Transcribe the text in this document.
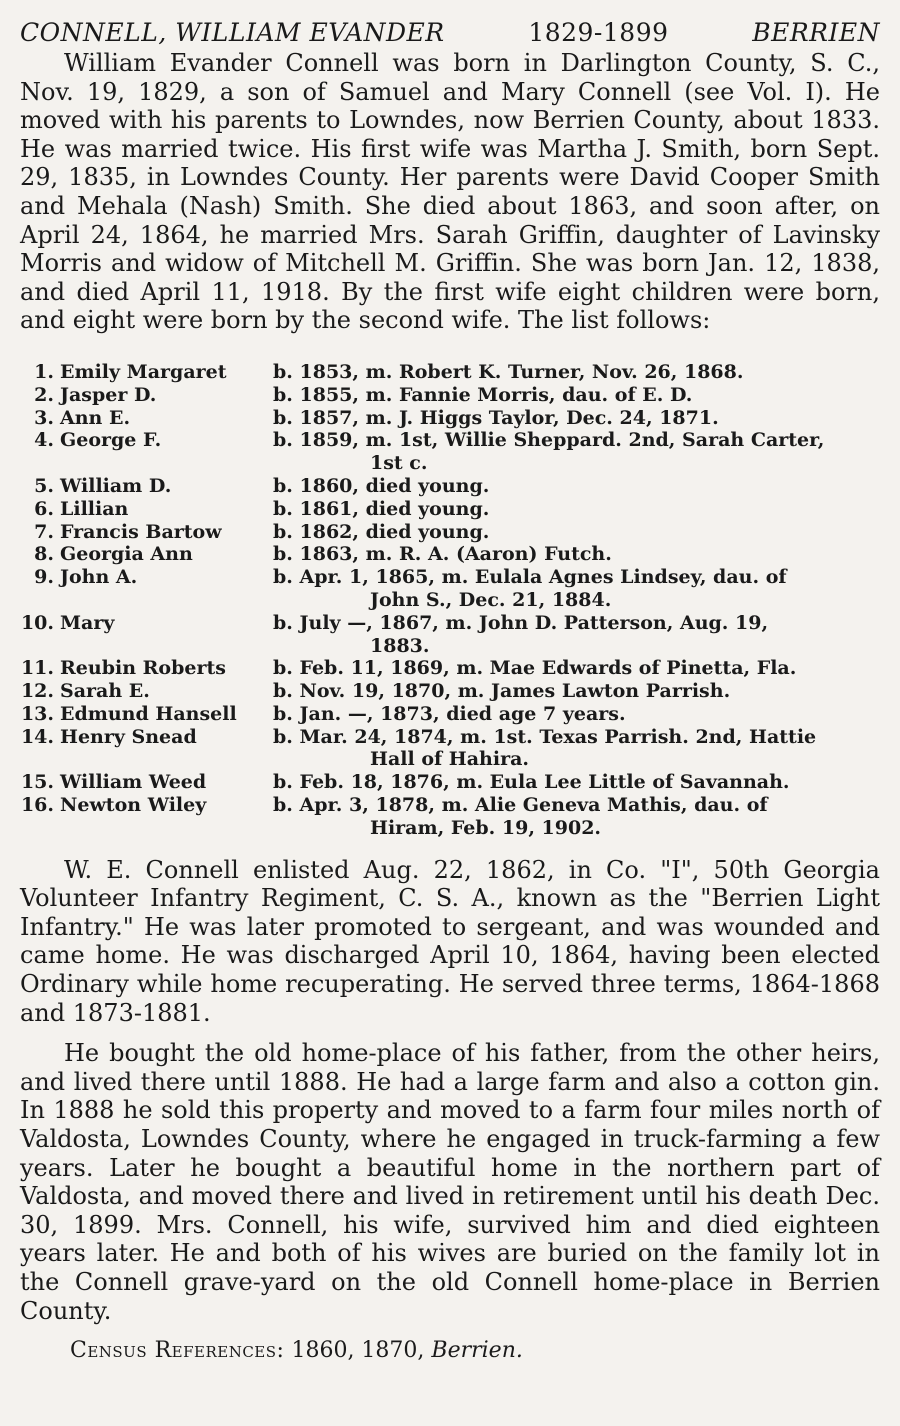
CONNELL, WILLIAM EVANDER	1829-1899	BERRIEN

William Evander Connell was born in Darlington County, S. C., Nov. 19, 1829, a son of Samuel and Mary Connell (see Vol. I). He moved with his parents to Lowndes, now Berrien County, about 1833. He was married twice. His first wife was Martha J. Smith, born Sept. 29, 1835, in Lowndes County. Her parents were David Cooper Smith and Mehala (Nash) Smith. She died about 1863, and soon after, on April 24, 1864, he married Mrs. Sarah Griffin, daughter of Lavinsky Morris and widow of Mitchell M. Griffin. She was born Jan. 12, 1838, and died April 11, 1918. By the first wife eight children were born, and eight were born by the second wife. The list follows:

1. Emily Margaret	b. 1853, m. Robert K. Turner, Nov. 26, 1868.
2. Jasper D.	b. 1855, m. Fannie Morris, dau. of E. D.
3. Ann E.	b. 1857, m. J. Higgs Taylor, Dec. 24, 1871.
4. George F.	b. 1859, m. 1st, Willie Sheppard. 2nd, Sarah Carter,
1st c.
5. William D.	b. 1860, died young.
6. Lillian	b. 1861, died young.
7. Francis Bartow	b. 1862, died young.
8. Georgia Ann	b. 1863, m. R. A. (Aaron) Futch.
9. John A.	b. Apr. 1, 1865, m. Eulala Agnes Lindsey, dau. of
John S., Dec. 21, 1884.
10. Mary	b. July —, 1867, m. John D. Patterson, Aug. 19,
1883.
11. Reubin Roberts	b. Feb. 11, 1869, m. Mae Edwards of Pinetta, Fla.
12. Sarah E.	b. Nov. 19, 1870, m. James Lawton Parrish.
13. Edmund Hansell	b. Jan. —, 1873, died age 7 years.
14. Henry Snead	b. Mar. 24, 1874, m. 1st. Texas Parrish. 2nd, Hattie
Hall of Hahira.
15. William Weed	b. Feb. 18, 1876, m. Eula Lee Little of Savannah.
16. Newton Wiley	b. Apr. 3, 1878, m. Alie Geneva Mathis, dau. of
Hiram, Feb. 19, 1902.

W. E. Connell enlisted Aug. 22, 1862, in Co. "I", 50th Georgia Volunteer Infantry Regiment, C. S. A., known as the "Berrien Light Infantry." He was later promoted to sergeant, and was wounded and came home. He was discharged April 10, 1864, having been elected Ordinary while home recuperating. He served three terms, 1864-1868 and 1873-1881.

He bought the old home-place of his father, from the other heirs, and lived there until 1888. He had a large farm and also a cotton gin. In 1888 he sold this property and moved to a farm four miles north of Valdosta, Lowndes County, where he engaged in truck-farming a few years. Later he bought a beautiful home in the northern part of Valdosta, and moved there and lived in retirement until his death Dec. 30, 1899. Mrs. Connell, his wife, survived him and died eighteen years later. He and both of his wives are buried on the family lot in the Connell grave-yard on the old Connell home-place in Berrien County.

Census References: 1860, 1870, Berrien.
